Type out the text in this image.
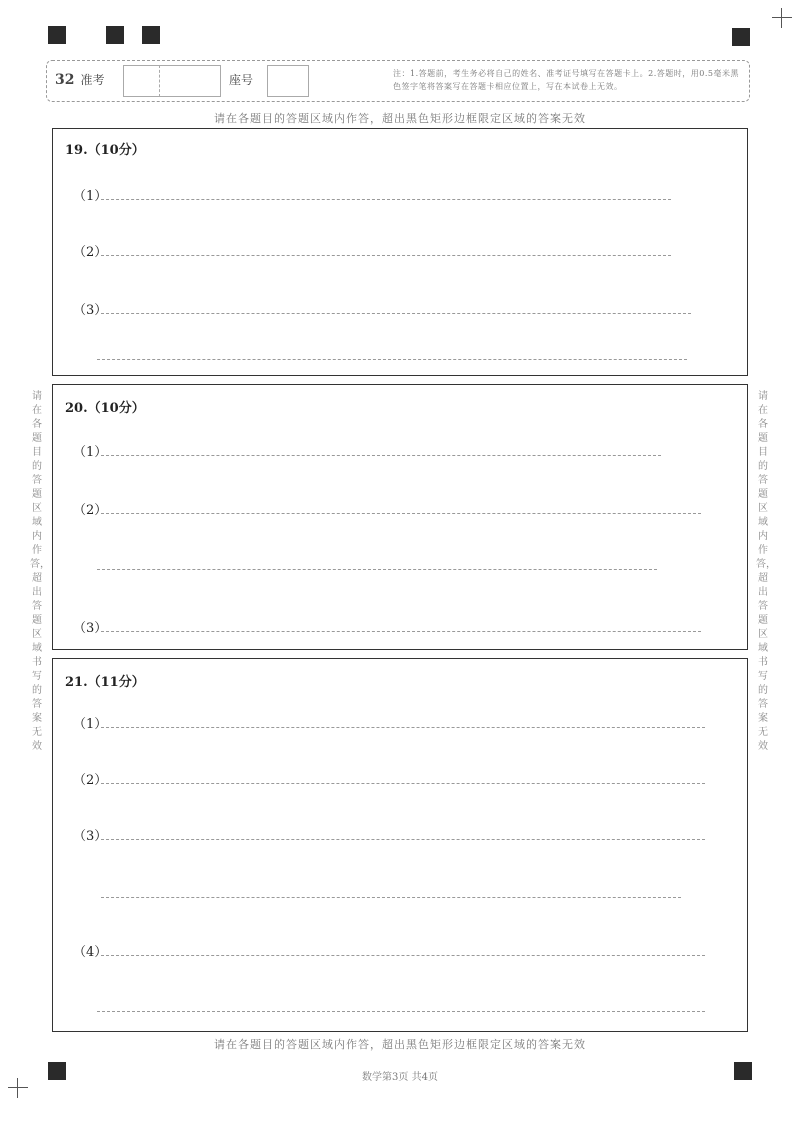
32 准考	座号	注：1.答题前，考生务必将自己的姓名、准考证号填写在答题卡上。2.答题时，用0.5毫米黑色签字笔将答案写在答题卡相应位置上，写在本试卷上无效。
请在各题目的答题区域内作答，超出黑色矩形边框限定区域的答案无效
请在各题目的答题区域内作答，超出答题区域书写的答案无效
请在各题目的答题区域内作答，超出答题区域书写的答案无效
19.（10分）
（1）
（2）
（3）
20.（10分）
（1）
（2）
（3）
21.（11分）
（1）
（2）
（3）
（4）
请在各题目的答题区域内作答，超出黑色矩形边框限定区域的答案无效
数学第3页 共4页
